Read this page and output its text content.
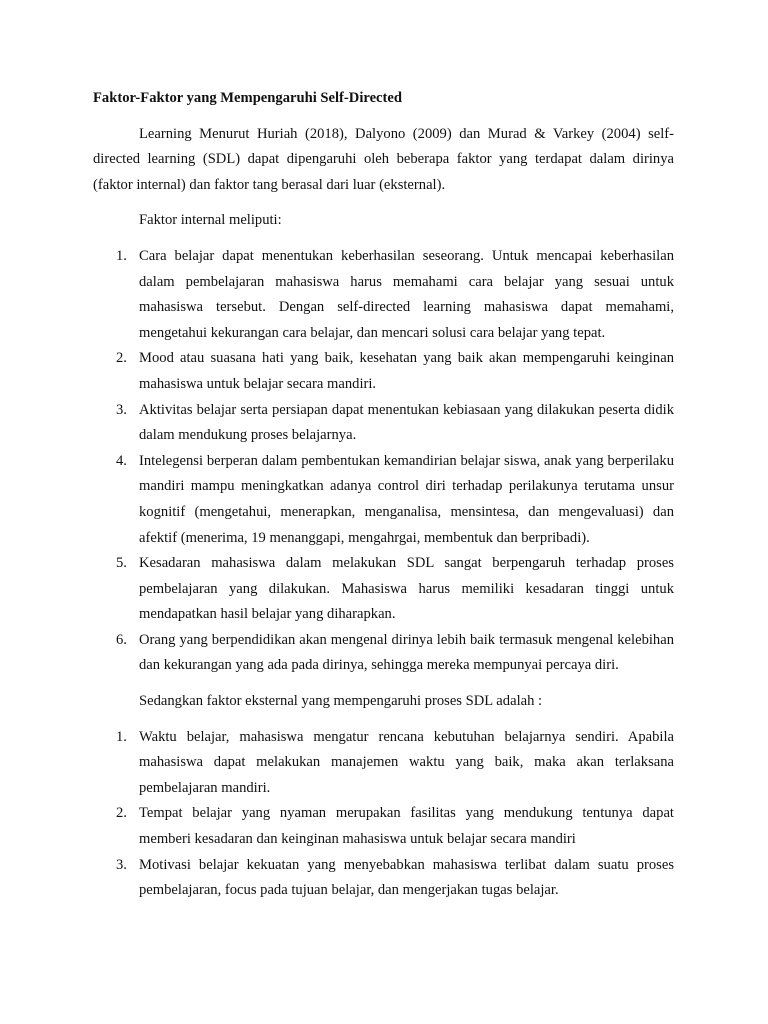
Faktor-Faktor yang Mempengaruhi Self-Directed

Learning Menurut Huriah (2018), Dalyono (2009) dan Murad & Varkey (2004) self-directed learning (SDL) dapat dipengaruhi oleh beberapa faktor yang terdapat dalam dirinya (faktor internal) dan faktor tang berasal dari luar (eksternal).

Faktor internal meliputi:

1. Cara belajar dapat menentukan keberhasilan seseorang. Untuk mencapai keberhasilan dalam pembelajaran mahasiswa harus memahami cara belajar yang sesuai untuk mahasiswa tersebut. Dengan self-directed learning mahasiswa dapat memahami, mengetahui kekurangan cara belajar, dan mencari solusi cara belajar yang tepat.
2. Mood atau suasana hati yang baik, kesehatan yang baik akan mempengaruhi keinginan mahasiswa untuk belajar secara mandiri.
3. Aktivitas belajar serta persiapan dapat menentukan kebiasaan yang dilakukan peserta didik dalam mendukung proses belajarnya.
4. Intelegensi berperan dalam pembentukan kemandirian belajar siswa, anak yang berperilaku mandiri mampu meningkatkan adanya control diri terhadap perilakunya terutama unsur kognitif (mengetahui, menerapkan, menganalisa, mensintesa, dan mengevaluasi) dan afektif (menerima, 19 menanggapi, mengahrgai, membentuk dan berpribadi).
5. Kesadaran mahasiswa dalam melakukan SDL sangat berpengaruh terhadap proses pembelajaran yang dilakukan. Mahasiswa harus memiliki kesadaran tinggi untuk mendapatkan hasil belajar yang diharapkan.
6. Orang yang berpendidikan akan mengenal dirinya lebih baik termasuk mengenal kelebihan dan kekurangan yang ada pada dirinya, sehingga mereka mempunyai percaya diri.

Sedangkan faktor eksternal yang mempengaruhi proses SDL adalah :

1. Waktu belajar, mahasiswa mengatur rencana kebutuhan belajarnya sendiri. Apabila mahasiswa dapat melakukan manajemen waktu yang baik, maka akan terlaksana pembelajaran mandiri.
2. Tempat belajar yang nyaman merupakan fasilitas yang mendukung tentunya dapat memberi kesadaran dan keinginan mahasiswa untuk belajar secara mandiri
3. Motivasi belajar kekuatan yang menyebabkan mahasiswa terlibat dalam suatu proses pembelajaran, focus pada tujuan belajar, dan mengerjakan tugas belajar.
